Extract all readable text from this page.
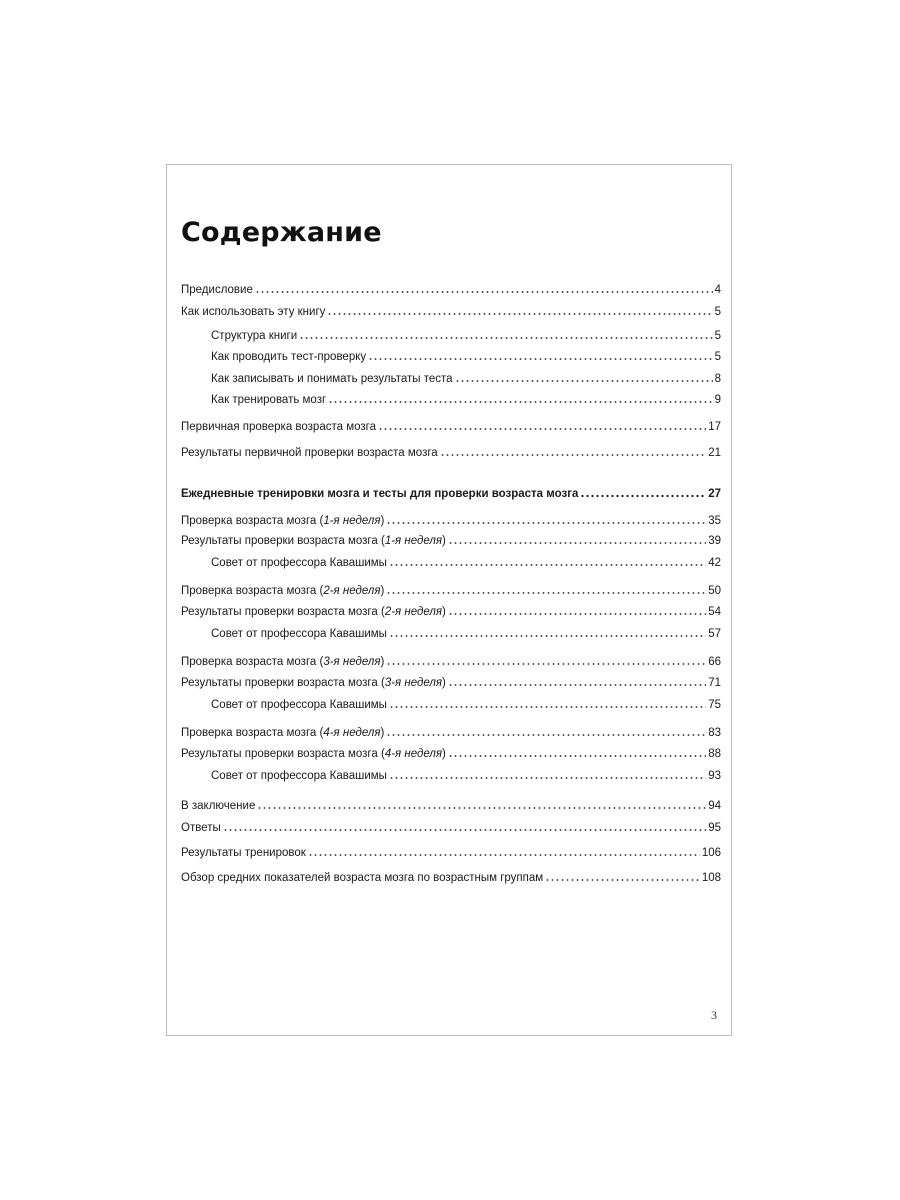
Содержание
Предисловие	4
Как использовать эту книгу	5
Структура книги	5
Как проводить тест-проверку	5
Как записывать и понимать результаты теста	8
Как тренировать мозг	9
Первичная проверка возраста мозга	17
Результаты первичной проверки возраста мозга	21
Ежедневные тренировки мозга и тесты для проверки возраста мозга	27
Проверка возраста мозга (1-я неделя)	35
Результаты проверки возраста мозга (1-я неделя)	39
Совет от профессора Кавашимы	42
Проверка возраста мозга (2-я неделя)	50
Результаты проверки возраста мозга (2-я неделя)	54
Совет от профессора Кавашимы	57
Проверка возраста мозга (3-я неделя)	66
Результаты проверки возраста мозга (3-я неделя)	71
Совет от профессора Кавашимы	75
Проверка возраста мозга (4-я неделя)	83
Результаты проверки возраста мозга (4-я неделя)	88
Совет от профессора Кавашимы	93
В заключение	94
Ответы	95
Результаты тренировок	106
Обзор средних показателей возраста мозга по возрастным группам	108
3
